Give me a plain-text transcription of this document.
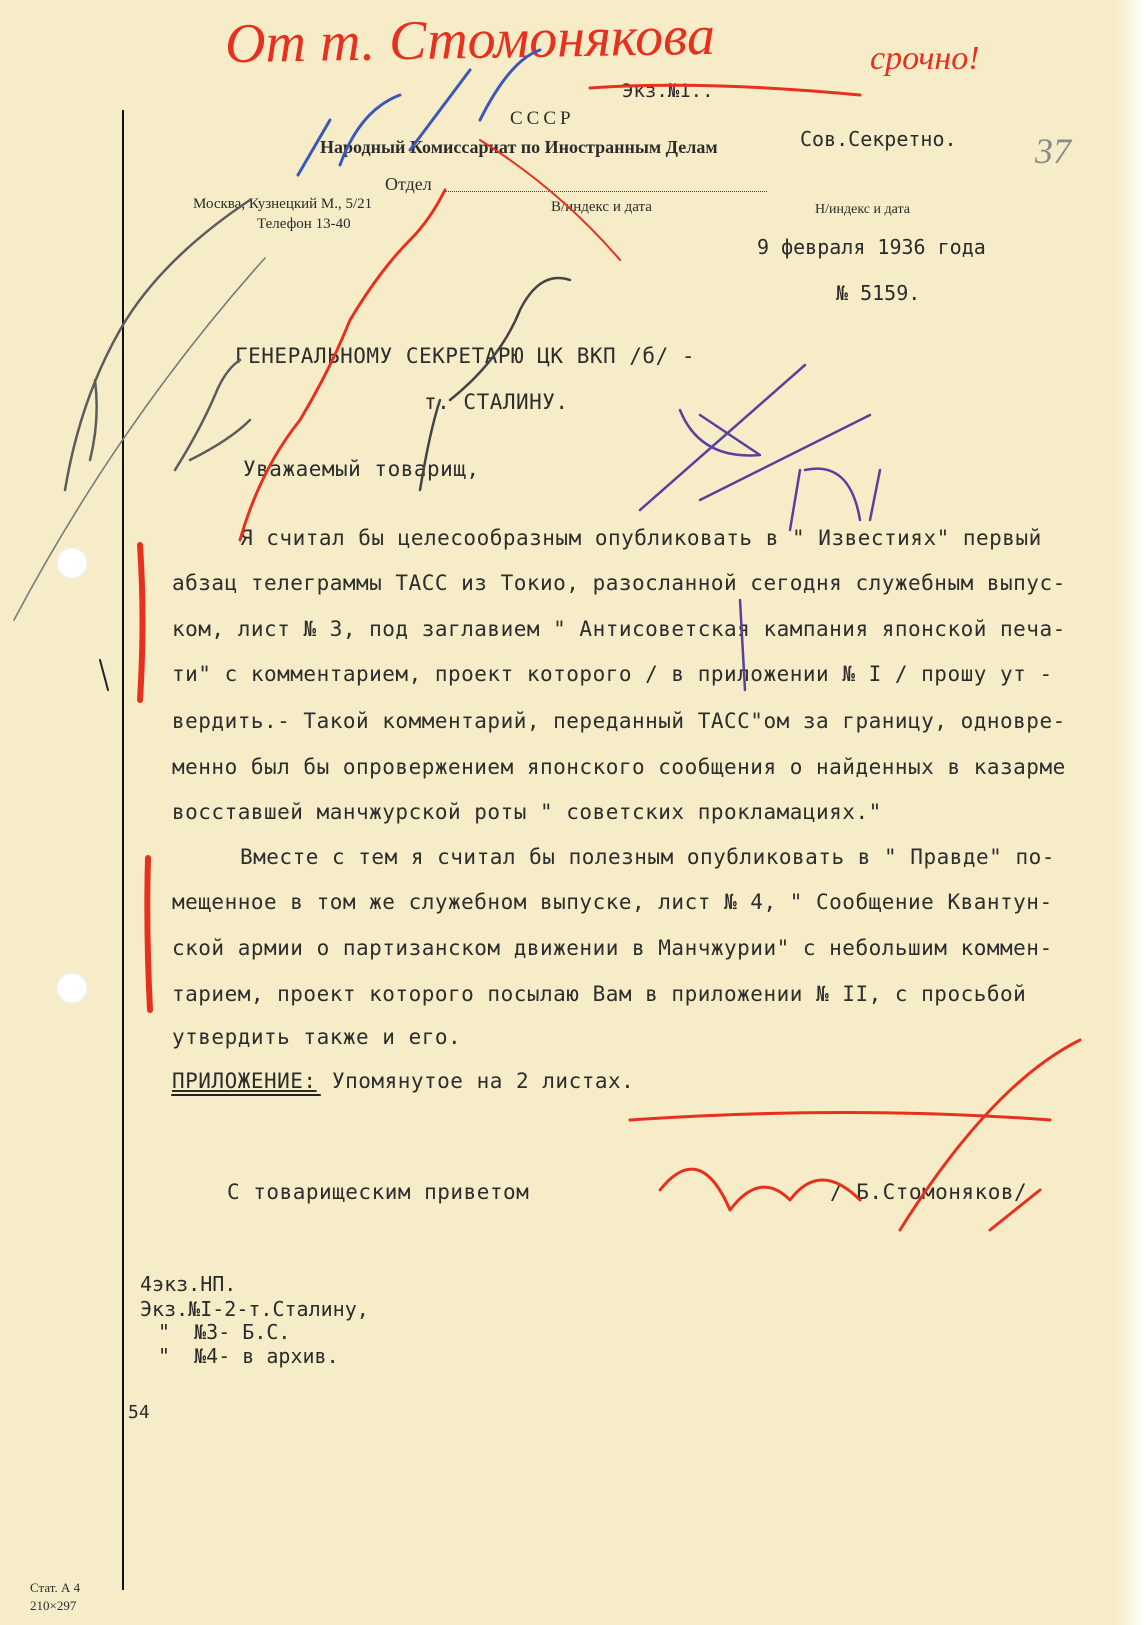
Экз.№1..
СССР
Народный Комиссариат по Иностранным Делам	Сов.Секретно.
Отдел
Москва, Кузнецкий М., 5/21
Телефон 13-40
В/индекс и дата	Н/индекс и дата
9 февраля 1936 года
№ 5159.
ГЕНЕРАЛЬНОМУ СЕКРЕТАРЮ ЦК ВКП /б/ -
т. СТАЛИНУ.
Уважаемый товарищ,
Я считал бы целесообразным опубликовать в " Известиях" первый
абзац телеграммы ТАСС из Токио, разосланной сегодня служебным выпус-
ком, лист № 3, под заглавием " Антисоветская кампания японской печа-
ти" с комментарием, проект которого / в приложении № I / прошу ут -
вердить.- Такой комментарий, переданный ТАСС"ом за границу, одновре-
менно был бы опровержением японского сообщения о найденных в казарме
восставшей манчжурской роты " советских прокламациях."
Вместе с тем я считал бы полезным опубликовать в " Правде" по-
мещенное в том же служебном выпуске, лист № 4, " Сообщение Квантун-
ской армии о партизанском движении в Манчжурии" с небольшим коммен-
тарием, проект которого посылаю Вам в приложении № II, с просьбой
утвердить также и его.
ПРИЛОЖЕНИЕ: Упомянутое на 2 листах.
С товарищеским приветом	/ Б.Стомоняков/
4экз.НП.
Экз.№I-2-т.Сталину,
"  №3- Б.С.
"  №4- в архив.
54
Стат. А 4
210×297
От т. Стомонякова	срочно!
37
